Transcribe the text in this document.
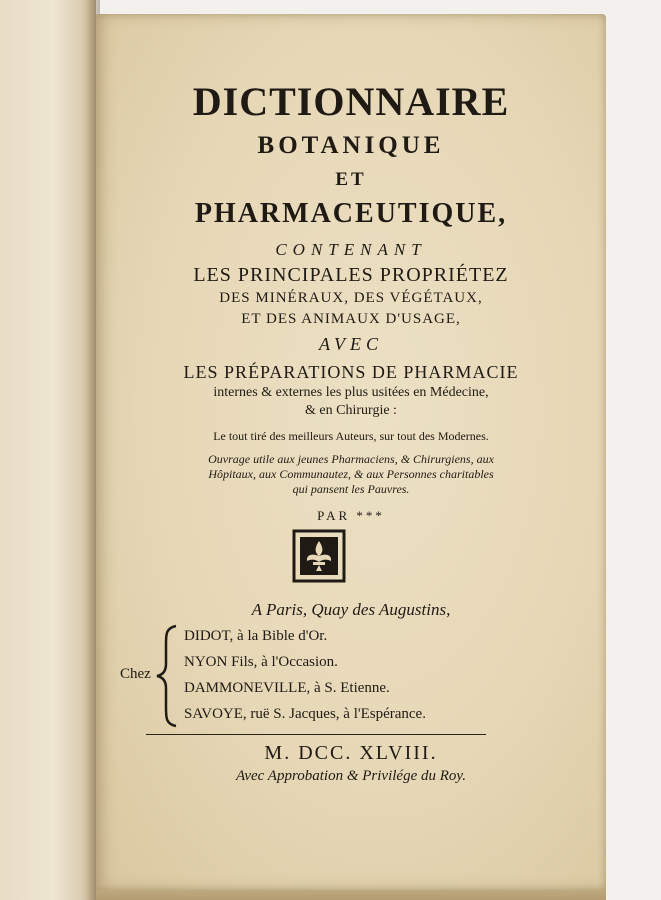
DICTIONNAIRE
BOTANIQUE
ET
PHARMACEUTIQUE,
CONTENANT
LES PRINCIPALES PROPRIÉTEZ
DES MINÉRAUX, DES VÉGÉTAUX,
ET DES ANIMAUX D'USAGE,
AVEC
LES PRÉPARATIONS DE PHARMACIE
internes & externes les plus usitées en Médecine,
& en Chirurgie :
Le tout tiré des meilleurs Auteurs, sur tout des Modernes.
Ouvrage utile aux jeunes Pharmaciens, & Chirurgiens, aux
Hôpitaux, aux Communautez, & aux Personnes charitables
qui pansent les Pauvres.
PAR ***
A Paris, Quay des Augustins,
Chez
DIDOT, à la Bible d'Or.
NYON Fils, à l'Occasion.
DAMMONEVILLE, à S. Etienne.
SAVOYE, ruë S. Jacques, à l'Espérance.
M. DCC. XLVIII.
Avec Approbation & Privilége du Roy.
